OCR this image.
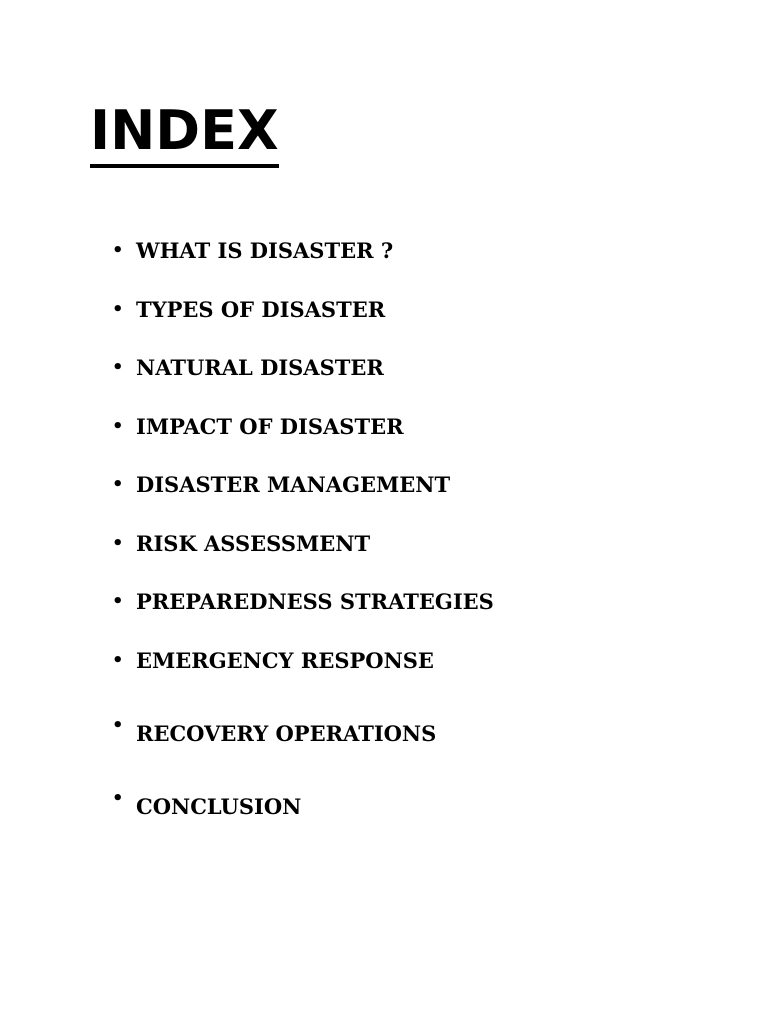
INDEX
• WHAT IS DISASTER ?
• TYPES OF DISASTER
• NATURAL DISASTER
• IMPACT OF DISASTER
• DISASTER MANAGEMENT
• RISK ASSESSMENT
• PREPAREDNESS STRATEGIES
• EMERGENCY RESPONSE
• RECOVERY OPERATIONS
• CONCLUSION
